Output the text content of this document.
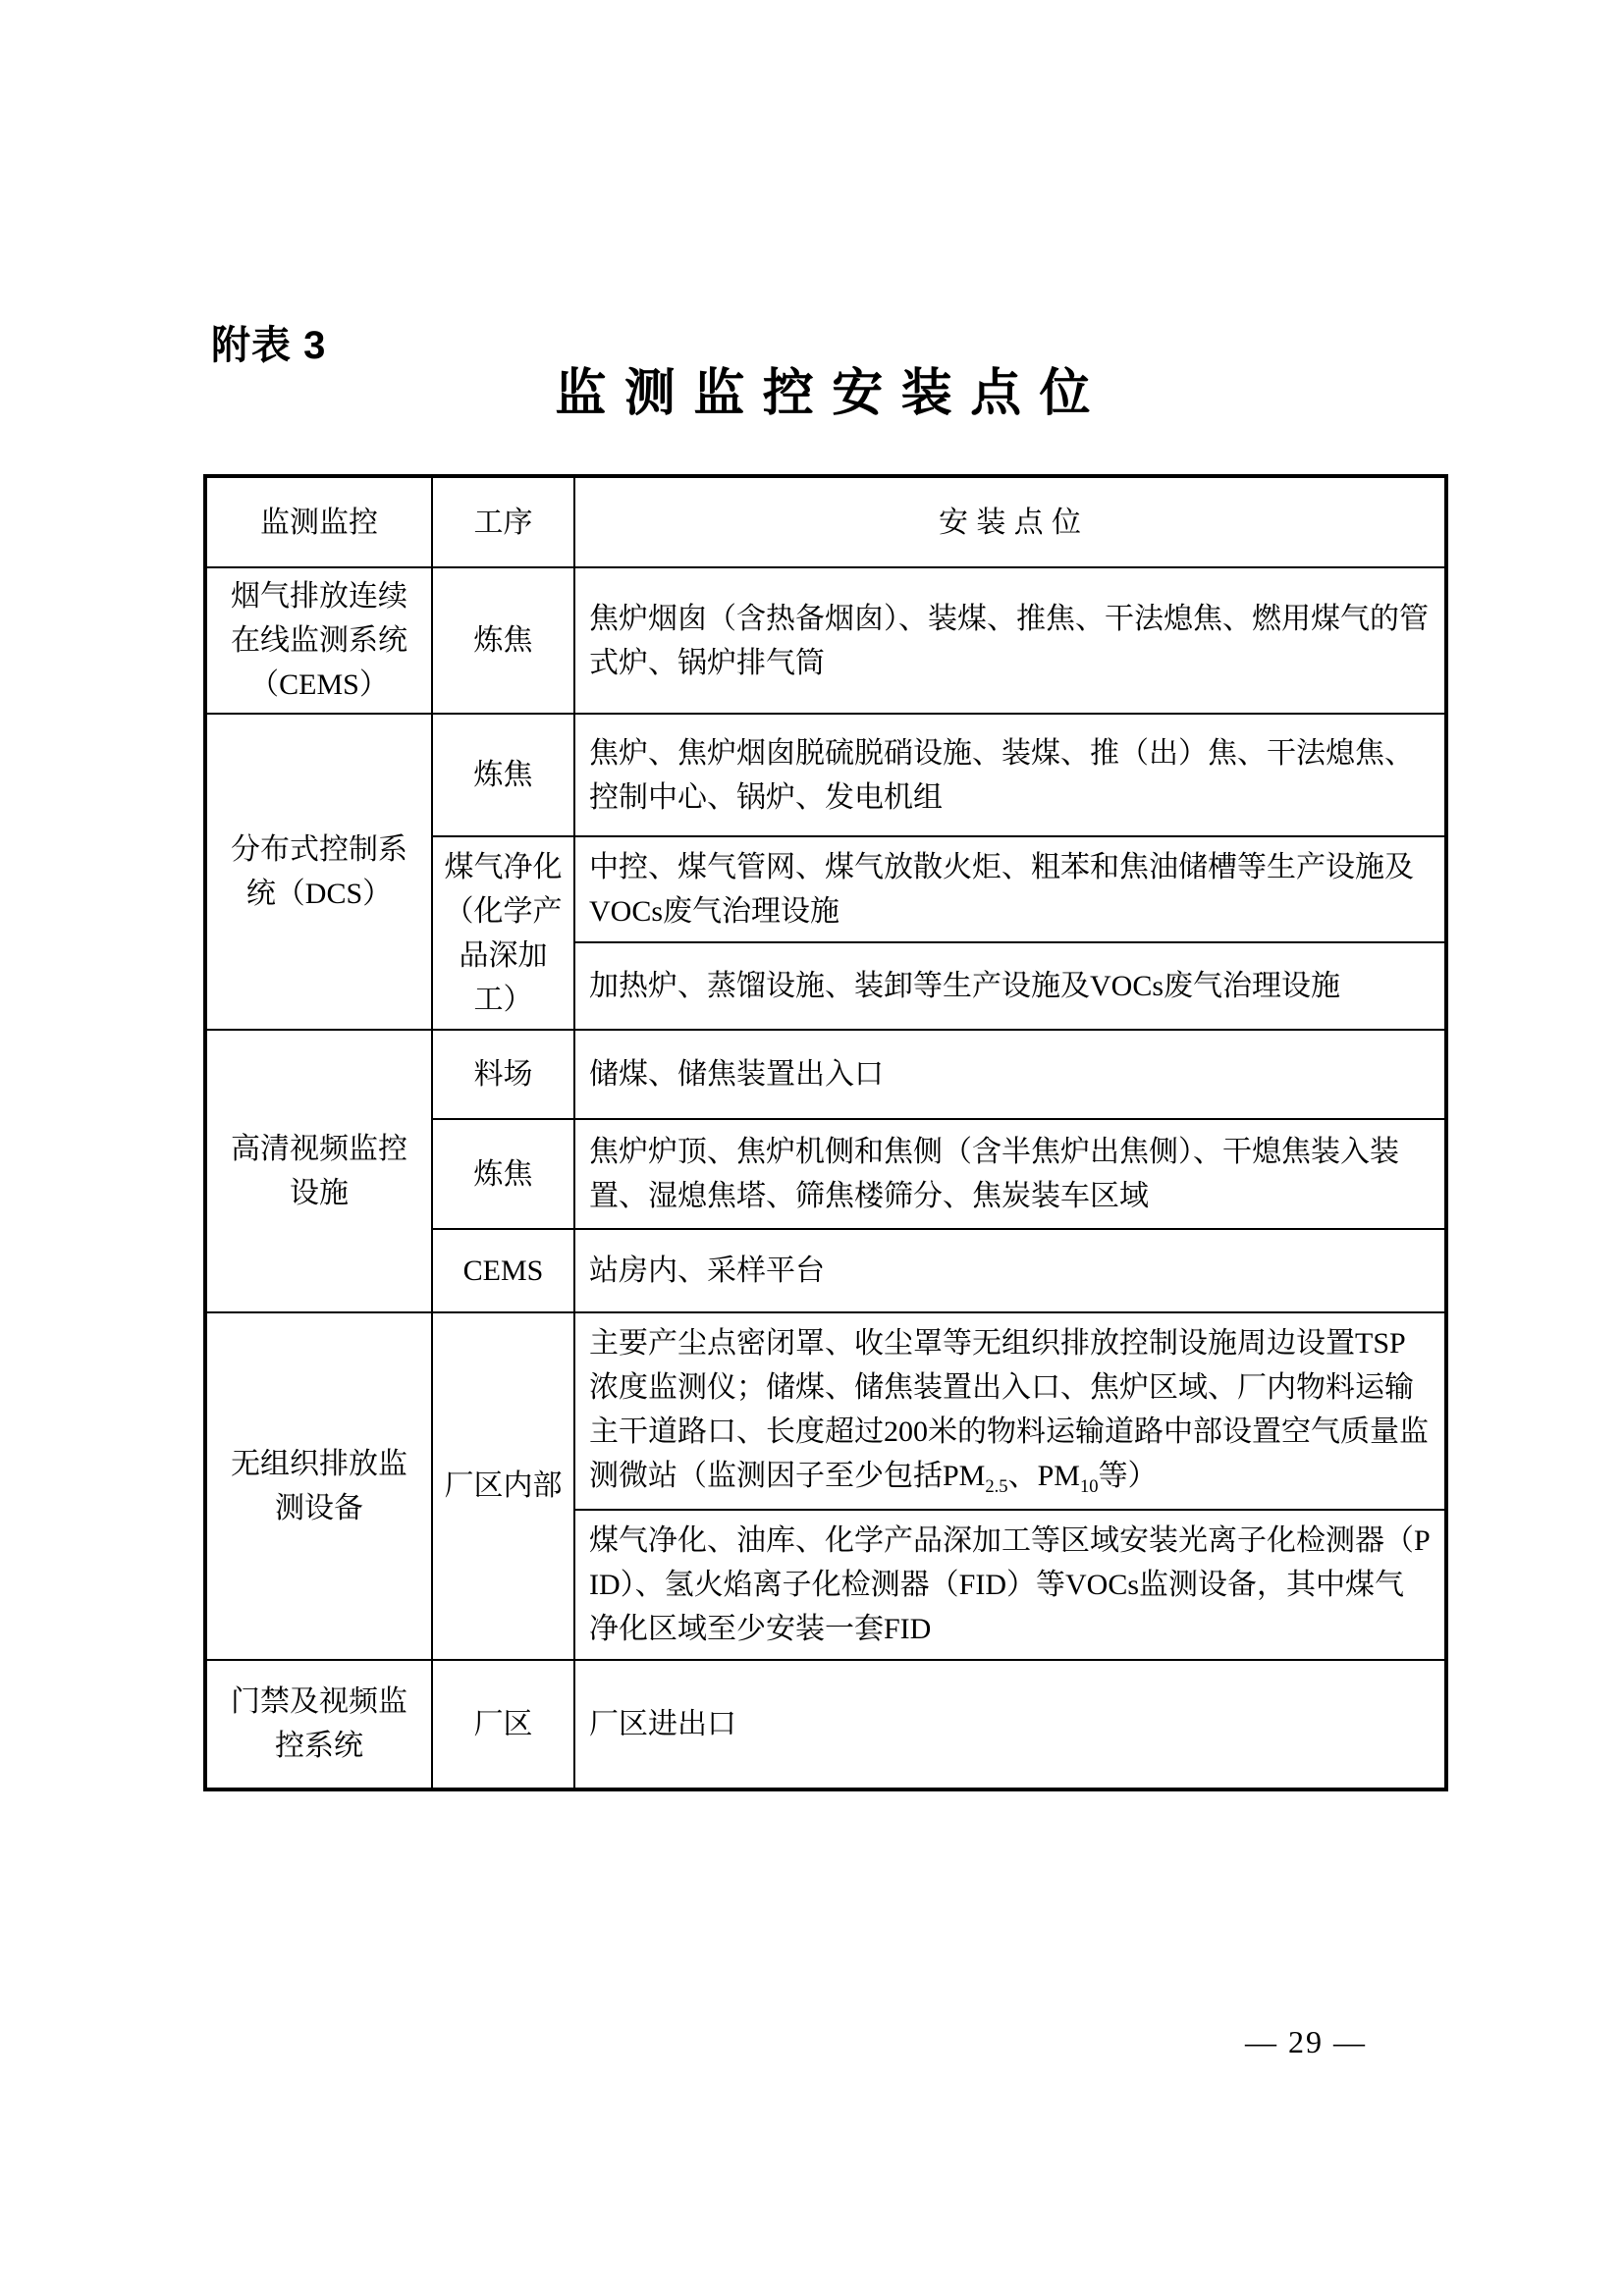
附表 3
监 测 监 控 安 装 点 位
监测监控	工序	安 装 点 位
烟气排放连续在线监测系统（CEMS）	炼焦	焦炉烟囱（含热备烟囱）、装煤、推焦、干法熄焦、燃用煤气的管式炉、锅炉排气筒
分布式控制系统（DCS）	炼焦	焦炉、焦炉烟囱脱硫脱硝设施、装煤、推（出）焦、干法熄焦、控制中心、锅炉、发电机组
	煤气净化（化学产品深加工）	中控、煤气管网、煤气放散火炬、粗苯和焦油储槽等生产设施及VOCs废气治理设施
		加热炉、蒸馏设施、装卸等生产设施及VOCs废气治理设施
高清视频监控设施	料场	储煤、储焦装置出入口
	炼焦	焦炉炉顶、焦炉机侧和焦侧（含半焦炉出焦侧）、干熄焦装入装置、湿熄焦塔、筛焦楼筛分、焦炭装车区域
	CEMS	站房内、采样平台
无组织排放监测设备	厂区内部	主要产尘点密闭罩、收尘罩等无组织排放控制设施周边设置TSP浓度监测仪；储煤、储焦装置出入口、焦炉区域、厂内物料运输主干道路口、长度超过200米的物料运输道路中部设置空气质量监测微站（监测因子至少包括$PM_{2.5}$、$PM_{10}$等）
		煤气净化、油库、化学产品深加工等区域安装光离子化检测器（PID）、氢火焰离子化检测器（FID）等VOCs监测设备，其中煤气净化区域至少安装一套FID
门禁及视频监控系统	厂区	厂区进出口
— 29 —
